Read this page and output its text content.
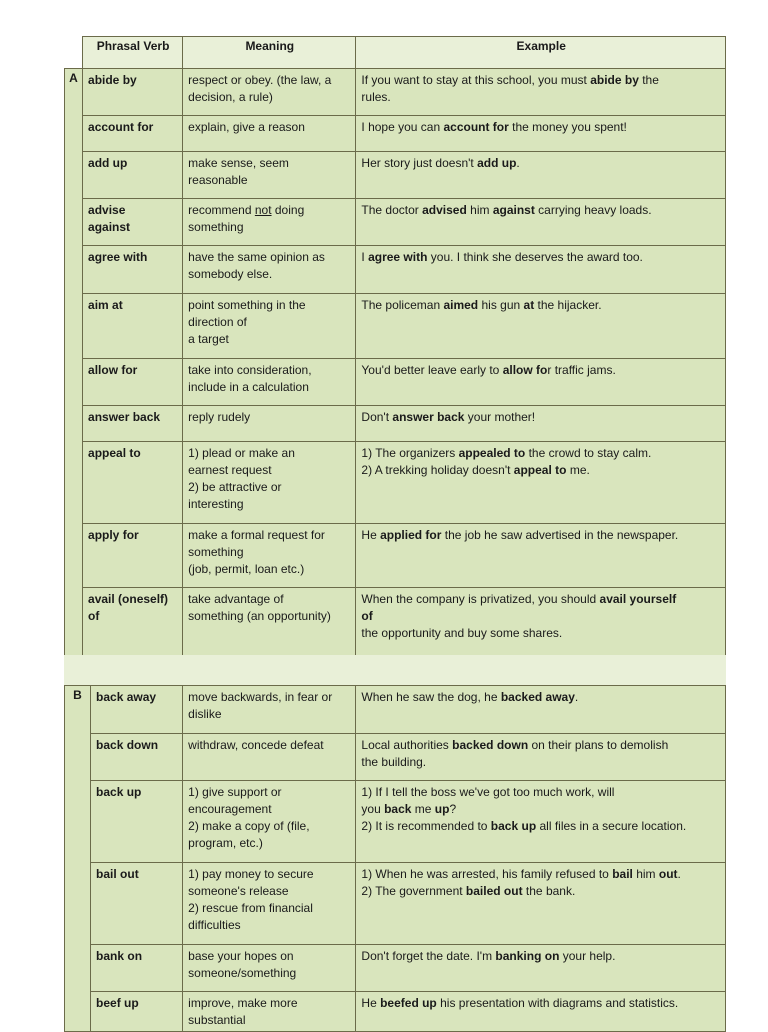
	Phrasal Verb	Meaning	Example
A	abide by	respect or obey. (the law, a
decision, a rule)	If you want to stay at this school, you must abide by the
rules.
	account for	explain, give a reason	I hope you can account for the money you spent!
	add up	make sense, seem
reasonable	Her story just doesn't add up.
	advise
against	recommend not doing
something	The doctor advised him against carrying heavy loads.
	agree with	have the same opinion as
somebody else.	I agree with you. I think she deserves the award too.
	aim at	point something in the
direction of
a target	The policeman aimed his gun at the hijacker.
	allow for	take into consideration,
include in a calculation	You'd better leave early to allow for traffic jams.
	answer back	reply rudely	Don't answer back your mother!
	appeal to	1) plead or make an
earnest request
2) be attractive or
interesting	1) The organizers appealed to the crowd to stay calm.
2) A trekking holiday doesn't appeal to me.
	apply for	make a formal request for
something
(job, permit, loan etc.)	He applied for the job he saw advertised in the newspaper.
	avail (oneself)
of	take advantage of
something (an opportunity)	When the company is privatized, you should avail yourself
of
the opportunity and buy some shares.
B	back away	move backwards, in fear or
dislike	When he saw the dog, he backed away.
	back down	withdraw, concede defeat	Local authorities backed down on their plans to demolish
the building.
	back up	1) give support or
encouragement
2) make a copy of (file,
program, etc.)	1) If I tell the boss we've got too much work, will
you back me up?
2) It is recommended to back up all files in a secure location.
	bail out	1) pay money to secure
someone's release
2) rescue from financial
difficulties	1) When he was arrested, his family refused to bail him out.
2) The government bailed out the bank.
	bank on	base your hopes on
someone/something	Don't forget the date. I'm banking on your help.
	beef up	improve, make more
substantial	He beefed up his presentation with diagrams and statistics.
